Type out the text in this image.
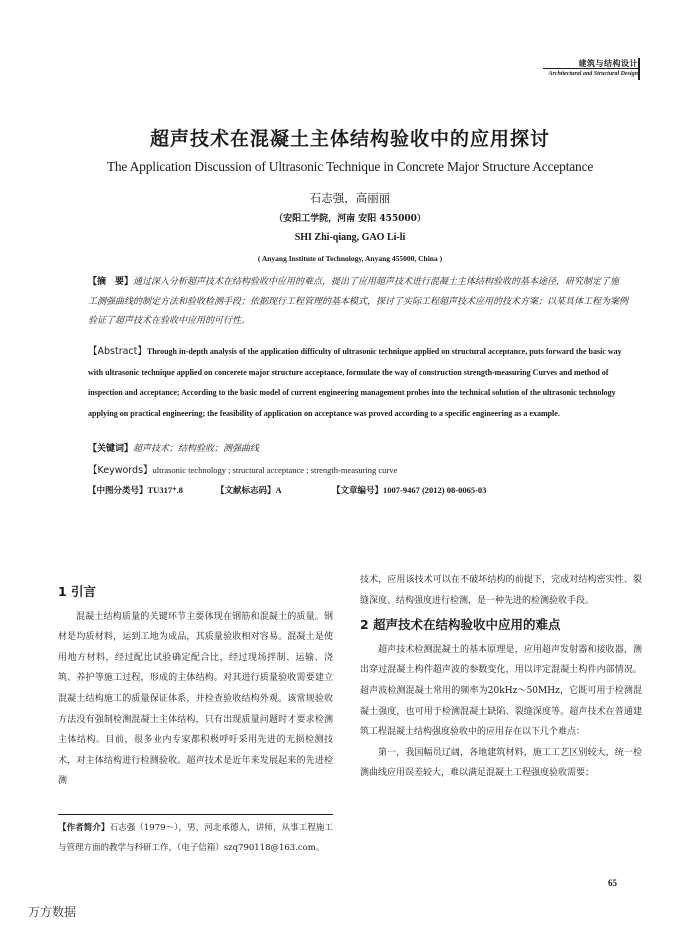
建筑与结构设计
Architectural and Structural Design
超声技术在混凝土主体结构验收中的应用探讨
The Application Discussion of Ultrasonic Technique in Concrete Major Structure Acceptance
石志强，高丽丽
（安阳工学院，河南 安阳 455000）
SHI Zhi-qiang, GAO Li-li
( Anyang Institute of Technology, Anyang 455000, China )
【摘　要】通过深入分析超声技术在结构验收中应用的难点，提出了应用超声技术进行混凝土主体结构验收的基本途径，研究制定了施工测强曲线的制定方法和验收检测手段；依据现行工程管理的基本模式，探讨了实际工程超声技术应用的技术方案；以某具体工程为案例验证了超声技术在验收中应用的可行性。
【Abstract】Through in-depth analysis of the application difficulty of ultrasonic technique applied on structural acceptance, puts forward the basic way with ultrasonic technique applied on concerete major structure acceptance, formulate the way of construction strength-measuring Curves and method of inspection and acceptance; According to the basic model of current engineering management probes into the technical solution of the ultrasonic technology applying on practical engineering; the feasibility of application on acceptance was proved according to a specific engineering as a example.
【关键词】超声技术；结构验收；测强曲线
【Keywords】ultrasonic technology ; structural acceptance ; strength-measuring curve
【中图分类号】TU317⁺.8	【文献标志码】A	【文章编号】1007-9467 (2012) 08-0065-03
1 引言
混凝土结构质量的关键环节主要体现在钢筋和混凝土的质量。钢材是均质材料，运到工地为成品，其质量验收相对容易。混凝土是使用地方材料，经过配比试验确定配合比，经过现场拌制、运输、浇筑、养护等施工过程，形成的主体结构。对其进行质量验收需要建立混凝土结构施工的质量保证体系，并检查验收结构外观。该常规验收方法没有强制检测混凝土主体结构，只有出现质量问题时才要求检测主体结构。目前，很多业内专家都积极呼吁采用先进的无损检测技术，对主体结构进行检测验收。超声技术是近年来发展起来的先进检测
技术，应用该技术可以在不破坏结构的前提下，完成对结构密实性、裂缝深度、结构强度进行检测，是一种先进的检测验收手段。
2 超声技术在结构验收中应用的难点
超声技术检测混凝土的基本原理是，应用超声发射器和接收器，测出穿过混凝土构件超声波的参数变化，用以评定混凝土构件内部情况。超声波检测混凝土常用的频率为20kHz～50MHz，它既可用于检测混凝土强度，也可用于检测混凝土缺陷、裂缝深度等。超声技术在普通建筑工程混凝土结构强度验收中的应用存在以下几个难点：
第一，我国幅员辽阔，各地建筑材料，施工工艺区别较大，统一检测曲线应用误差较大，难以满足混凝土工程强度验收需要；
【作者简介】石志强（1979～），男，河北承德人，讲师，从事工程施工与管理方面的教学与科研工作，（电子信箱）szq790118@163.com。
65
万方数据
